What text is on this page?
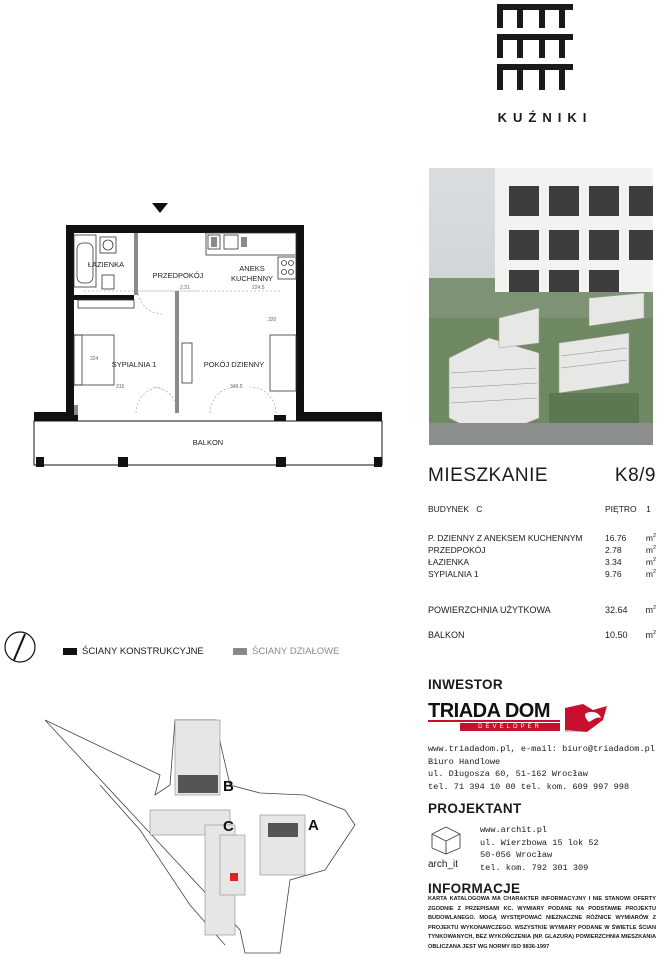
KUŹNIKI
ŁAZIENKA
PRZEDPOKÓJ
ANEKS
KUCHENNY
SYPIALNIA 1	POKÓJ DZIENNY
BALKON
2.31	224.5
320
324
315	349.5
ŚCIANY KONSTRUKCYJNE	ŚCIANY DZIAŁOWE
B
C	A
MIESZKANIE	K8/9
BUDYNEK C	PIĘTRO 1
P. DZIENNY Z ANEKSEM KUCHENNYM	16.76 $m^2$
PRZEDPOKÓJ	2.78	$m^2$
ŁAZIENKA	3.34	$m^2$
SYPIALNIA 1	9.76	$m^2$
POWIERZCHNIA UŻYTKOWA	32.64 $m^2$
BALKON	10.50 $m^2$
INWESTOR
TRIADA DOM
DEVELOPER
od 1999 r.
www.triadadom.pl, e-mail: biuro@triadadom.pl
Biuro Handlowe
ul. Długosza 60, 51-162 Wrocław
tel. 71 394 10 00 tel. kom. 609 997 998
PROJEKTANT
arch_it
www.archit.pl
ul. Wierzbowa 15 lok 52
50-056 Wrocław
tel. kom. 792 301 309
INFORMACJE
KARTA KATALOGOWA MA CHARAKTER INFORMACYJNY I NIE STANOWI OFERTY ZGODNIE Z PRZEPISAMI KC. WYMIARY PODANE NA PODSTAWIE PROJEKTU BUDOWLANEGO. MOGĄ WYSTĘPOWAĆ NIEZNACZNE RÓŻNICE WYMIARÓW Z PROJEKTU WYKONAWCZEGO. WSZYSTKIE WYMIARY PODANE W ŚWIETLE ŚCIAN TYNKOWANYCH, BEZ WYKOŃCZENIA (NP. GLAZURA) POWIERZCHNIA MIESZKANIA OBLICZANA JEST WG NORMY ISO 9836-1997
